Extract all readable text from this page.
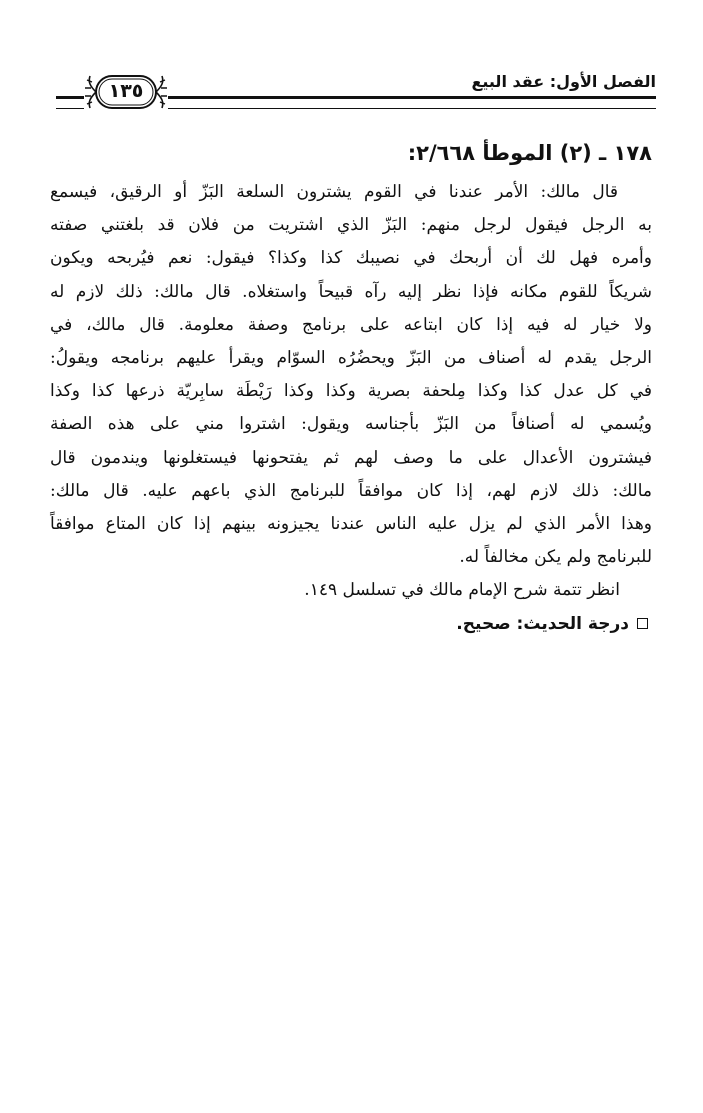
الفصل الأول: عقد البيع
١٣٥
١٧٨ ـ (٢) الموطأ ٢/٦٦٨:
قال مالك: الأمر عندنا في القوم يشترون السلعة البَزّ أو الرقيق، فيسمع
به الرجل فيقول لرجل منهم: البَزّ الذي اشتريت من فلان قد بلغتني صفته
وأمره فهل لك أن أربحك في نصيبك كذا وكذا؟ فيقول: نعم فيُربحه ويكون
شريكاً للقوم مكانه فإذا نظر إليه رآه قبيحاً واستغلاه. قال مالك: ذلك لازم له
ولا خيار له فيه إذا كان ابتاعه على برنامج وصفة معلومة. قال مالك، في
الرجل يقدم له أصناف من البَزّ ويحضُرُه السوّام ويقرأ عليهم برنامجه ويقولُ:
في كل عدل كذا وكذا مِلحفة بصرية وكذا وكذا رَيْطَة سابِريّة ذرعها كذا وكذا
ويُسمي له أصنافاً من البَزّ بأجناسه ويقول: اشتروا مني على هذه الصفة
فيشترون الأعدال على ما وصف لهم ثم يفتحونها فيستغلونها ويندمون قال
مالك: ذلك لازم لهم، إذا كان موافقاً للبرنامج الذي باعهم عليه. قال مالك:
وهذا الأمر الذي لم يزل عليه الناس عندنا يجيزونه بينهم إذا كان المتاع موافقاً
للبرنامج ولم يكن مخالفاً له.

انظر تتمة شرح الإمام مالك في تسلسل ١٤٩.

درجة الحديث: صحيح.
